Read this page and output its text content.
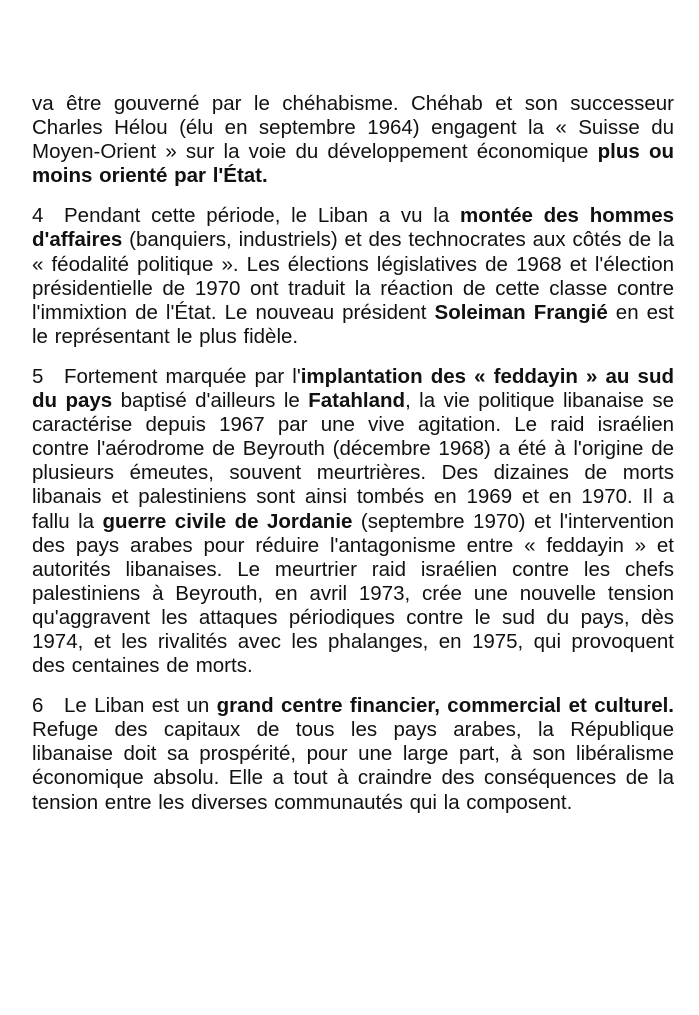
va être gouverné par le chéhabisme. Chéhab et son successeur Charles Hélou (élu en septembre 1964) engagent la « Suisse du Moyen-Orient » sur la voie du développement économique plus ou moins orienté par l'État.

4 Pendant cette période, le Liban a vu la montée des hommes d'affaires (banquiers, industriels) et des technocrates aux côtés de la « féodalité politique ». Les élections législatives de 1968 et l'élection présidentielle de 1970 ont traduit la réaction de cette classe contre l'immixtion de l'État. Le nouveau président Soleiman Frangié en est le représentant le plus fidèle.

5 Fortement marquée par l'implantation des « feddayin » au sud du pays baptisé d'ailleurs le Fatahland, la vie politique libanaise se caractérise depuis 1967 par une vive agitation. Le raid israélien contre l'aérodrome de Beyrouth (décembre 1968) a été à l'origine de plusieurs émeutes, souvent meurtrières. Des dizaines de morts libanais et palestiniens sont ainsi tombés en 1969 et en 1970. Il a fallu la guerre civile de Jordanie (septembre 1970) et l'intervention des pays arabes pour réduire l'antagonisme entre « feddayin » et autorités libanaises. Le meurtrier raid israélien contre les chefs palestiniens à Beyrouth, en avril 1973, crée une nouvelle tension qu'aggravent les attaques périodiques contre le sud du pays, dès 1974, et les rivalités avec les phalanges, en 1975, qui provoquent des centaines de morts.

6 Le Liban est un grand centre financier, commercial et culturel. Refuge des capitaux de tous les pays arabes, la République libanaise doit sa prospérité, pour une large part, à son libéralisme économique absolu. Elle a tout à craindre des conséquences de la tension entre les diverses communautés qui la composent.
